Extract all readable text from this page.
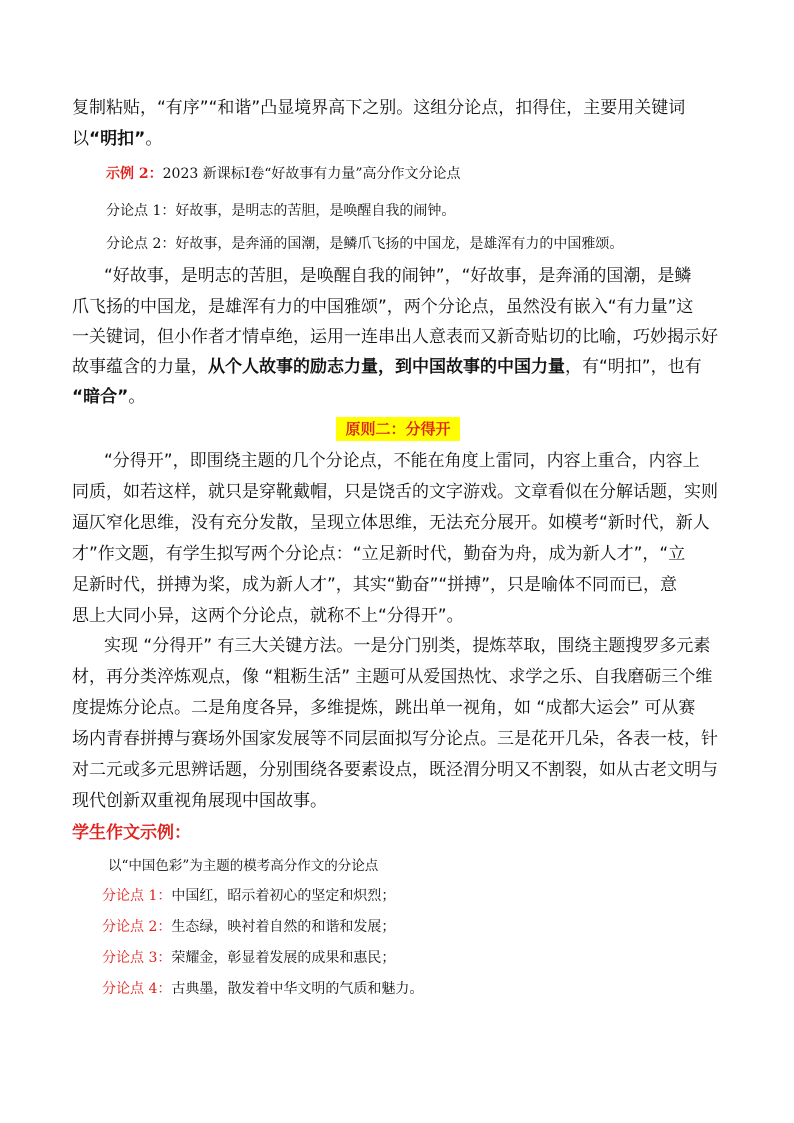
复制粘贴，“有序”“和谐”凸显境界高下之别。这组分论点，扣得住，主要用关键词
以“明扣”。
示例 2：2023 新课标Ⅰ卷“好故事有力量”高分作文分论点
分论点 1：好故事，是明志的苦胆，是唤醒自我的闹钟。
分论点 2：好故事，是奔涌的国潮，是鳞爪飞扬的中国龙，是雄浑有力的中国雅颂。
“好故事，是明志的苦胆，是唤醒自我的闹钟”，“好故事，是奔涌的国潮，是鳞
爪飞扬的中国龙，是雄浑有力的中国雅颂”，两个分论点，虽然没有嵌入“有力量”这
一关键词，但小作者才情卓绝，运用一连串出人意表而又新奇贴切的比喻，巧妙揭示好
故事蕴含的力量，从个人故事的励志力量，到中国故事的中国力量，有“明扣”，也有
“暗合”。
原则二：分得开
“分得开”，即围绕主题的几个分论点，不能在角度上雷同，内容上重合，内容上
同质，如若这样，就只是穿靴戴帽，只是饶舌的文字游戏。文章看似在分解话题，实则
逼仄窄化思维，没有充分发散，呈现立体思维，无法充分展开。如模考“新时代，新人
才”作文题，有学生拟写两个分论点：“立足新时代，勤奋为舟，成为新人才”，“立
足新时代，拼搏为桨，成为新人才”，其实“勤奋”“拼搏”，只是喻体不同而已，意
思上大同小异，这两个分论点，就称不上“分得开”。
实现 “分得开” 有三大关键方法。一是分门别类，提炼萃取，围绕主题搜罗多元素
材，再分类淬炼观点，像 “粗粝生活” 主题可从爱国热忱、求学之乐、自我磨砺三个维
度提炼分论点。二是角度各异，多维提炼，跳出单一视角，如 “成都大运会” 可从赛
场内青春拼搏与赛场外国家发展等不同层面拟写分论点。三是花开几朵，各表一枝，针
对二元或多元思辨话题，分别围绕各要素设点，既泾渭分明又不割裂，如从古老文明与
现代创新双重视角展现中国故事。
学生作文示例：
以“中国色彩”为主题的模考高分作文的分论点
分论点 1：中国红，昭示着初心的坚定和炽烈；
分论点 2：生态绿，映衬着自然的和谐和发展；
分论点 3：荣耀金，彰显着发展的成果和惠民；
分论点 4：古典墨，散发着中华文明的气质和魅力。
